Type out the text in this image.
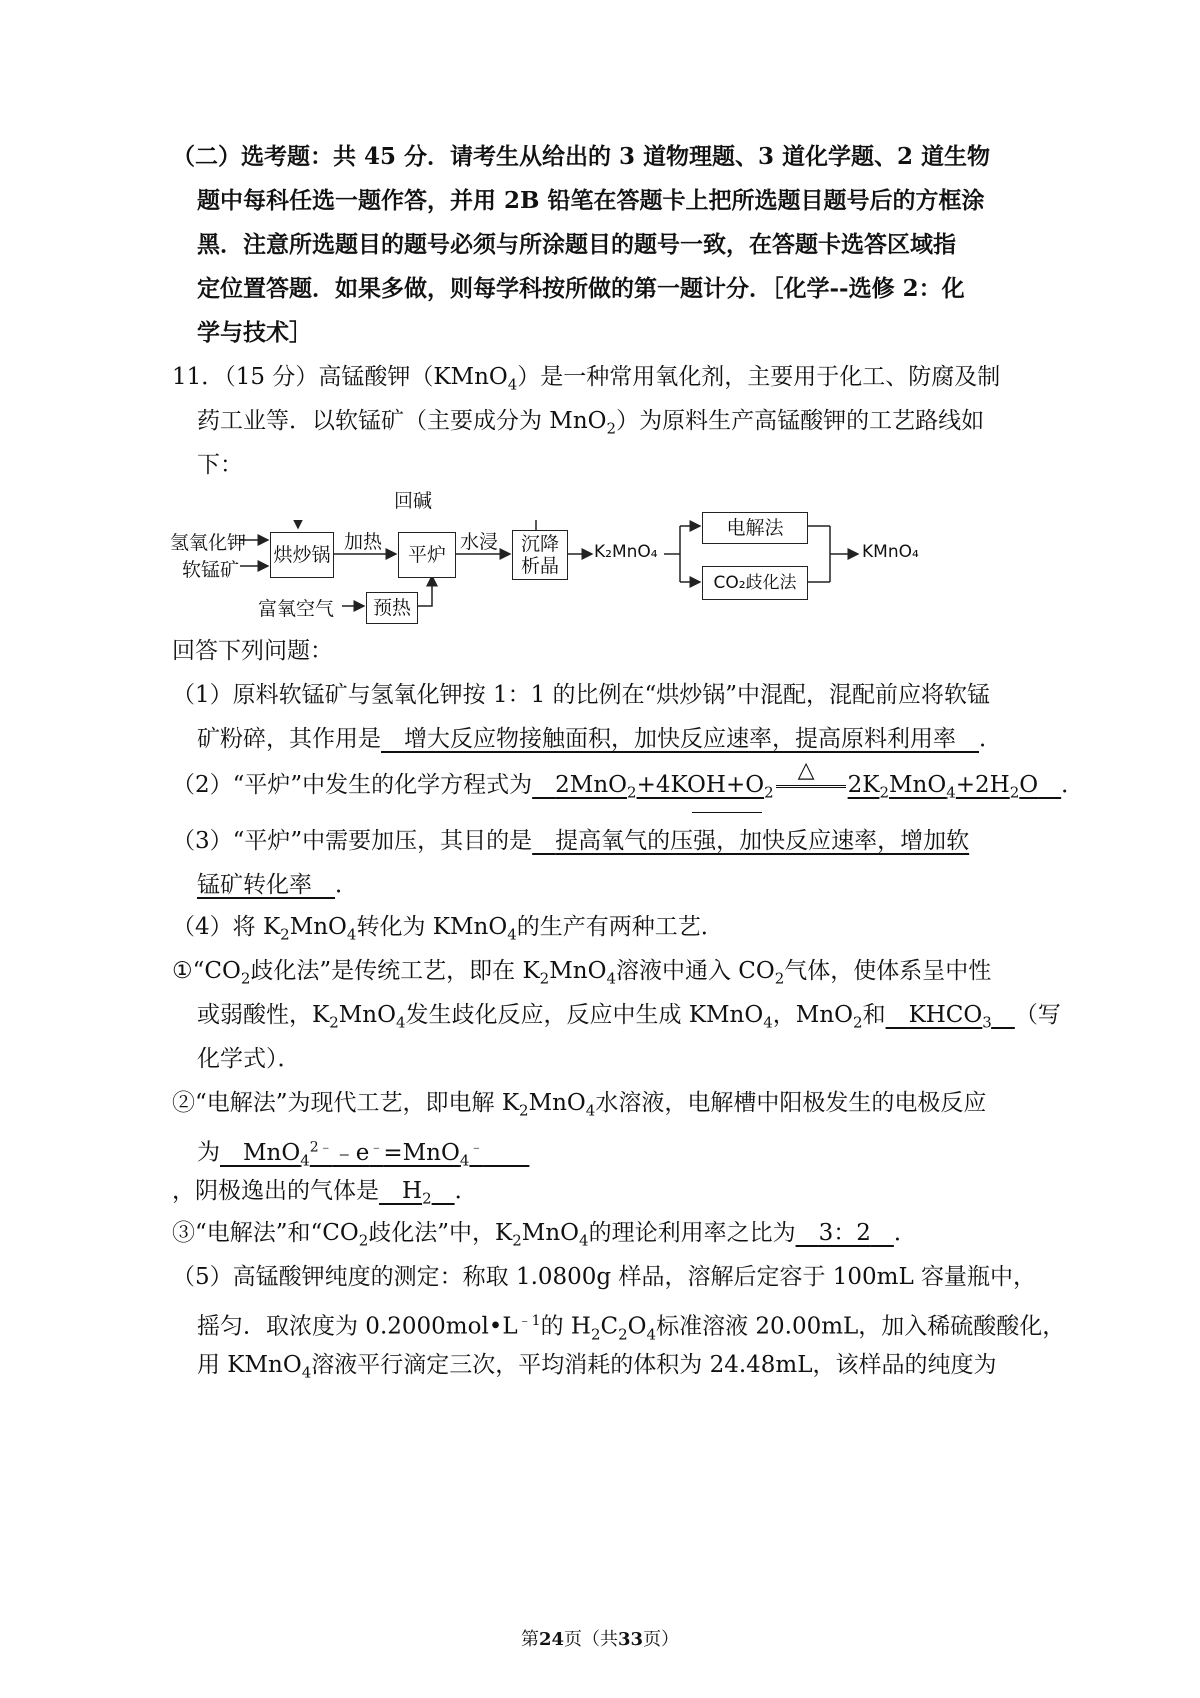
（二）选考题：共 45 分．请考生从给出的 3 道物理题、3 道化学题、2 道生物
题中每科任选一题作答，并用 2B 铅笔在答题卡上把所选题目题号后的方框涂
黑．注意所选题目的题号必须与所涂题目的题号一致，在答题卡选答区域指
定位置答题．如果多做，则每学科按所做的第一题计分．［化学--选修 2：化
学与技术］
11．（15 分）高锰酸钾（KMnO$_4$）是一种常用氧化剂，主要用于化工、防腐及制
药工业等．以软锰矿（主要成分为 MnO$_2$）为原料生产高锰酸钾的工艺路线如
下：
氢氧化钾
软锰矿
烘炒锅
加热
平炉
水浸 沉降
析晶
回碱
富氧空气	预热
K₂MnO₄
电解法
CO₂歧化法
KMnO₄
回答下列问题：
（1）原料软锰矿与氢氧化钾按 1：1 的比例在“烘炒锅”中混配，混配前应将软锰
矿粉碎，其作用是  增大反应物接触面积，加快反应速率，提高原料利用率  ．
（2）“平炉”中发生的化学方程式为  $2MnO_2+4KOH+O_2$
△
$2K_2MnO_4+2H_2O$  ．
（3）“平炉”中需要加压，其目的是  提高氧气的压强，加快反应速率，增加软
锰矿转化率  ．
（4）将 $K_2MnO_4$转化为 KMnO$_4$的生产有两种工艺．
$①“CO_2$歧化法”是传统工艺，即在 $K_2MnO_4$溶液中通入 $CO_2$气体，使体系呈中性
或弱酸性，$K_2MnO_4$发生歧化反应，反应中生成 KMnO$_4$，MnO$_2$和  $KHCO_3$  （写
化学式）．
②“电解法”为现代工艺，即电解 $K_2MnO_4$水溶液，电解槽中阳极发生的电极反应
为  MnO$_4^{2﹣}$﹣e﹣=MnO$_4$﹣  
，阴极逸出的气体是  $H_2$  ．
③“电解法”和“$CO_2$歧化法”中，$K_2MnO_4$的理论利用率之比为  3：2  ．
（5）高锰酸钾纯度的测定：称取 1.0800g 样品，溶解后定容于 100mL 容量瓶中，
摇匀．取浓度为 $0.2000mol•L^{﹣1}$的 $H_2C_2O_4$标准溶液 20.00mL，加入稀硫酸酸化，
用 KMnO$_4$溶液平行滴定三次，平均消耗的体积为 24.48mL，该样品的纯度为
第24页（共33页）
